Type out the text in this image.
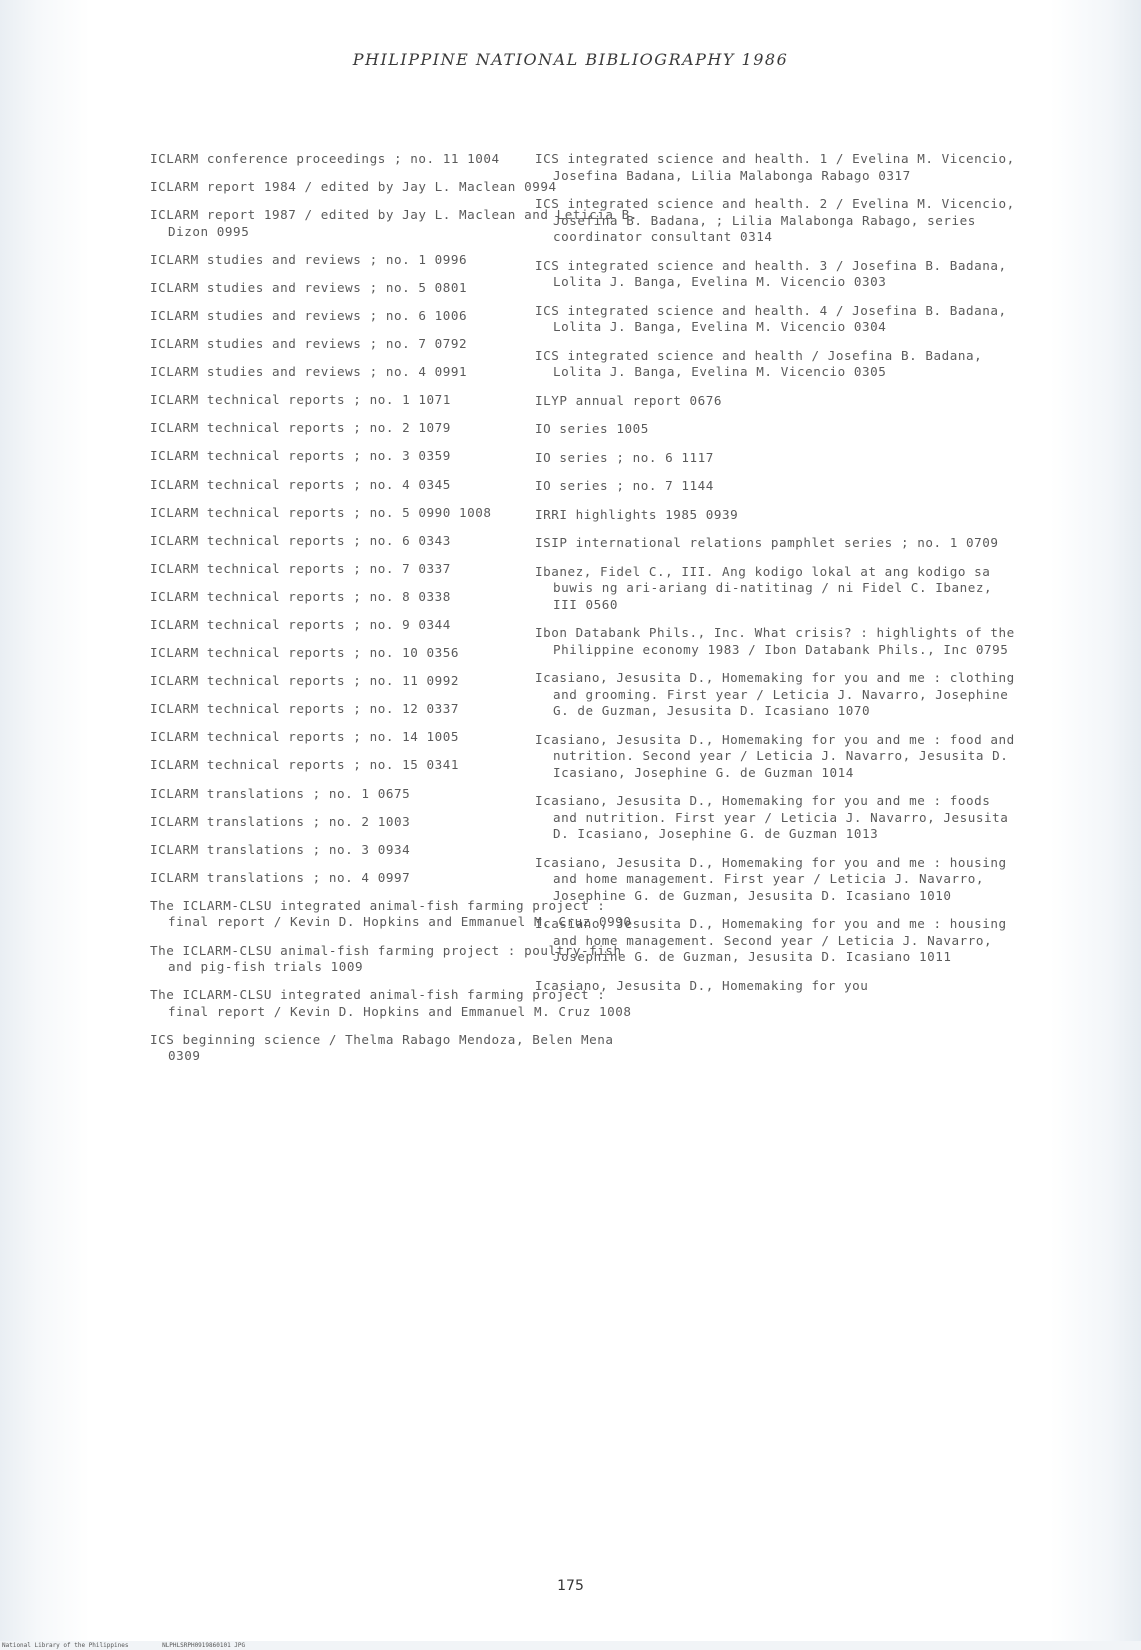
PHILIPPINE NATIONAL BIBLIOGRAPHY 1986
ICLARM conference proceedings ; no. 11 1004
ICLARM report 1984 / edited by Jay L. Maclean 0994
ICLARM report 1987 / edited by Jay L. Maclean and Leticia B. Dizon 0995
ICLARM studies and reviews ; no. 1 0996
ICLARM studies and reviews ; no. 5 0801
ICLARM studies and reviews ; no. 6 1006
ICLARM studies and reviews ; no. 7 0792
ICLARM studies and reviews ; no. 4 0991
ICLARM technical reports ; no. 1 1071
ICLARM technical reports ; no. 2 1079
ICLARM technical reports ; no. 3 0359
ICLARM technical reports ; no. 4 0345
ICLARM technical reports ; no. 5 0990 1008
ICLARM technical reports ; no. 6 0343
ICLARM technical reports ; no. 7 0337
ICLARM technical reports ; no. 8 0338
ICLARM technical reports ; no. 9 0344
ICLARM technical reports ; no. 10 0356
ICLARM technical reports ; no. 11 0992
ICLARM technical reports ; no. 12 0337
ICLARM technical reports ; no. 14 1005
ICLARM technical reports ; no. 15 0341
ICLARM translations ; no. 1 0675
ICLARM translations ; no. 2 1003
ICLARM translations ; no. 3 0934
ICLARM translations ; no. 4 0997
The ICLARM-CLSU integrated animal-fish farming project : final report / Kevin D. Hopkins and Emmanuel M. Cruz 0990
The ICLARM-CLSU animal-fish farming project : poultry-fish and pig-fish trials 1009
The ICLARM-CLSU integrated animal-fish farming project : final report / Kevin D. Hopkins and Emmanuel M. Cruz 1008
ICS beginning science / Thelma Rabago Mendoza, Belen Mena 0309
ICS integrated science and health. 1 / Evelina M. Vicencio, Josefina Badana, Lilia Malabonga Rabago 0317
ICS integrated science and health. 2 / Evelina M. Vicencio, Josefina B. Badana, ; Lilia Malabonga Rabago, series coordinator consultant 0314
ICS integrated science and health. 3 / Josefina B. Badana, Lolita J. Banga, Evelina M. Vicencio 0303
ICS integrated science and health. 4 / Josefina B. Badana, Lolita J. Banga, Evelina M. Vicencio 0304
ICS integrated science and health / Josefina B. Badana, Lolita J. Banga, Evelina M. Vicencio 0305
ILYP annual report 0676
IO series 1005
IO series ; no. 6 1117
IO series ; no. 7 1144
IRRI highlights 1985 0939
ISIP international relations pamphlet series ; no. 1 0709
Ibanez, Fidel C., III. Ang kodigo lokal at ang kodigo sa buwis ng ari-ariang di-natitinag / ni Fidel C. Ibanez, III 0560
Ibon Databank Phils., Inc. What crisis? : highlights of the Philippine economy 1983 / Ibon Databank Phils., Inc 0795
Icasiano, Jesusita D., Homemaking for you and me : clothing and grooming. First year / Leticia J. Navarro, Josephine G. de Guzman, Jesusita D. Icasiano 1070
Icasiano, Jesusita D., Homemaking for you and me : food and nutrition. Second year / Leticia J. Navarro, Jesusita D. Icasiano, Josephine G. de Guzman 1014
Icasiano, Jesusita D., Homemaking for you and me : foods and nutrition. First year / Leticia J. Navarro, Jesusita D. Icasiano, Josephine G. de Guzman 1013
Icasiano, Jesusita D., Homemaking for you and me : housing and home management. First year / Leticia J. Navarro, Josephine G. de Guzman, Jesusita D. Icasiano 1010
Icasiano, Jesusita D., Homemaking for you and me : housing and home management. Second year / Leticia J. Navarro, Josephine G. de Guzman, Jesusita D. Icasiano 1011
Icasiano, Jesusita D., Homemaking for you
175
National Library of the Philippines	NLPHLSRPH0919860101 JPG
